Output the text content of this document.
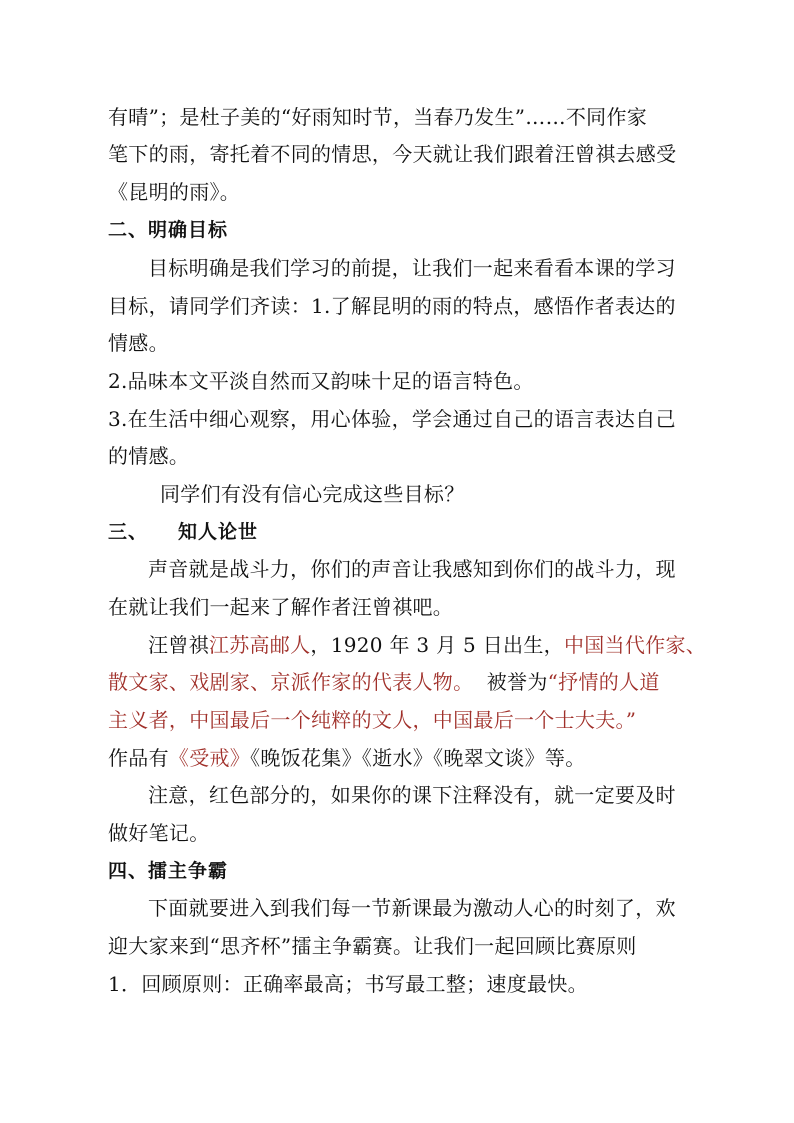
有晴”；是杜子美的“好雨知时节，当春乃发生”……不同作家
笔下的雨，寄托着不同的情思，今天就让我们跟着汪曾祺去感受
《昆明的雨》。
二、明确目标
目标明确是我们学习的前提，让我们一起来看看本课的学习
目标，请同学们齐读：1.了解昆明的雨的特点，感悟作者表达的
情感。
2.品味本文平淡自然而又韵味十足的语言特色。
3.在生活中细心观察，用心体验，学会通过自己的语言表达自己
的情感。
同学们有没有信心完成这些目标？
三、 知人论世
声音就是战斗力，你们的声音让我感知到你们的战斗力，现
在就让我们一起来了解作者汪曾祺吧。
汪曾祺江苏高邮人，1920 年 3 月 5 日出生，中国当代作家、
散文家、戏剧家、京派作家的代表人物。  被誉为“抒情的人道
主义者，中国最后一个纯粹的文人，中国最后一个士大夫。”
作品有《受戒》《晚饭花集》《逝水》《晚翠文谈》等。
注意，红色部分的，如果你的课下注释没有，就一定要及时
做好笔记。
四、擂主争霸
下面就要进入到我们每一节新课最为激动人心的时刻了，欢
迎大家来到“思齐杯”擂主争霸赛。让我们一起回顾比赛原则
1．回顾原则：正确率最高；书写最工整；速度最快。
